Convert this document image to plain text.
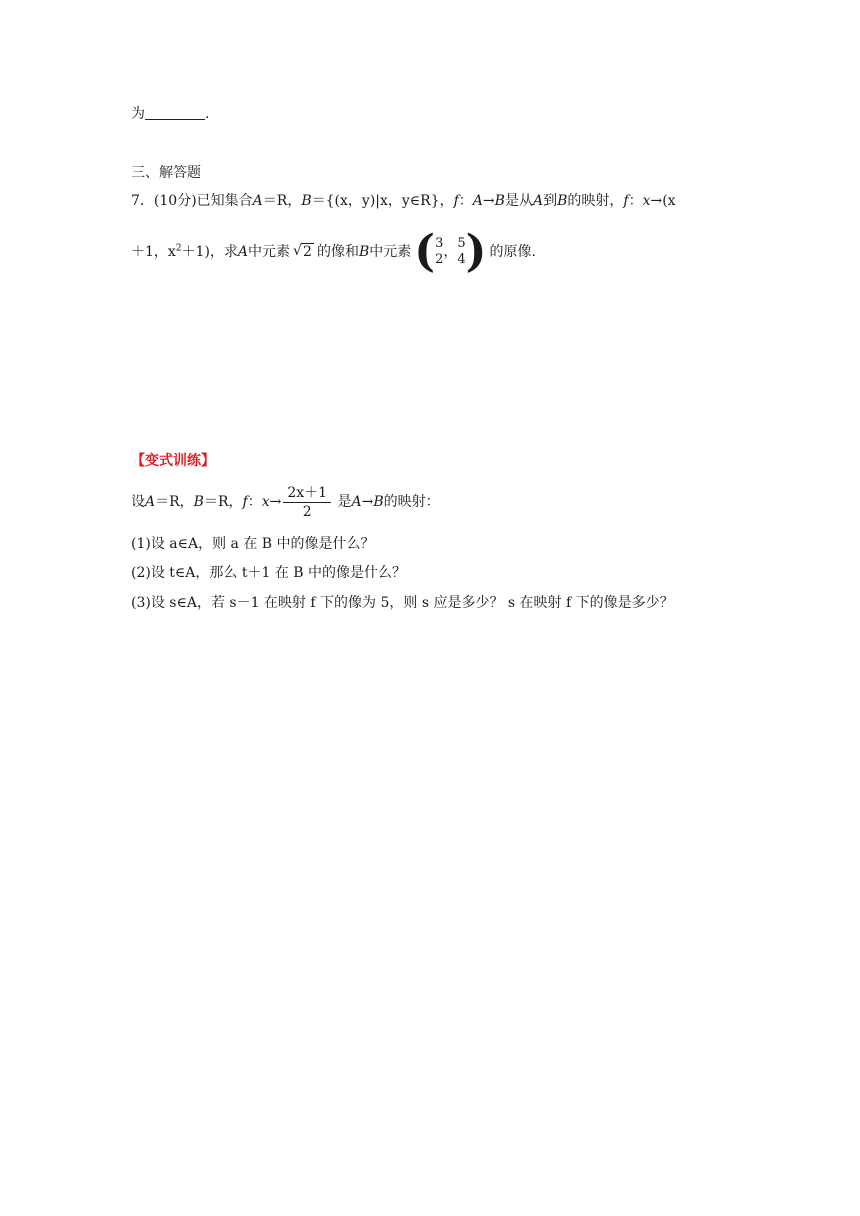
为	.
三、解答题
7．(10分)已知集合A＝R，B＝{(x，y)|x，y∈R}，f：A→B是从A到B的映射，f：x→(x
＋1，$x^2+1$)，求A中元素 √ 2 的像和B中元素( 3
2 ，
5
4 ) 的原像.
【变式训练】
设A＝R，B＝R，f：$x\to \frac{2x+1}{2}$ 是A→B的映射：
(1)设 a∈A，则 a 在 B 中的像是什么？
(2)设 t∈A，那么 t＋1 在 B 中的像是什么？
(3)设 s∈A，若 s－1 在映射 f 下的像为 5，则 s 应是多少？ s 在映射 f 下的像是多少？
